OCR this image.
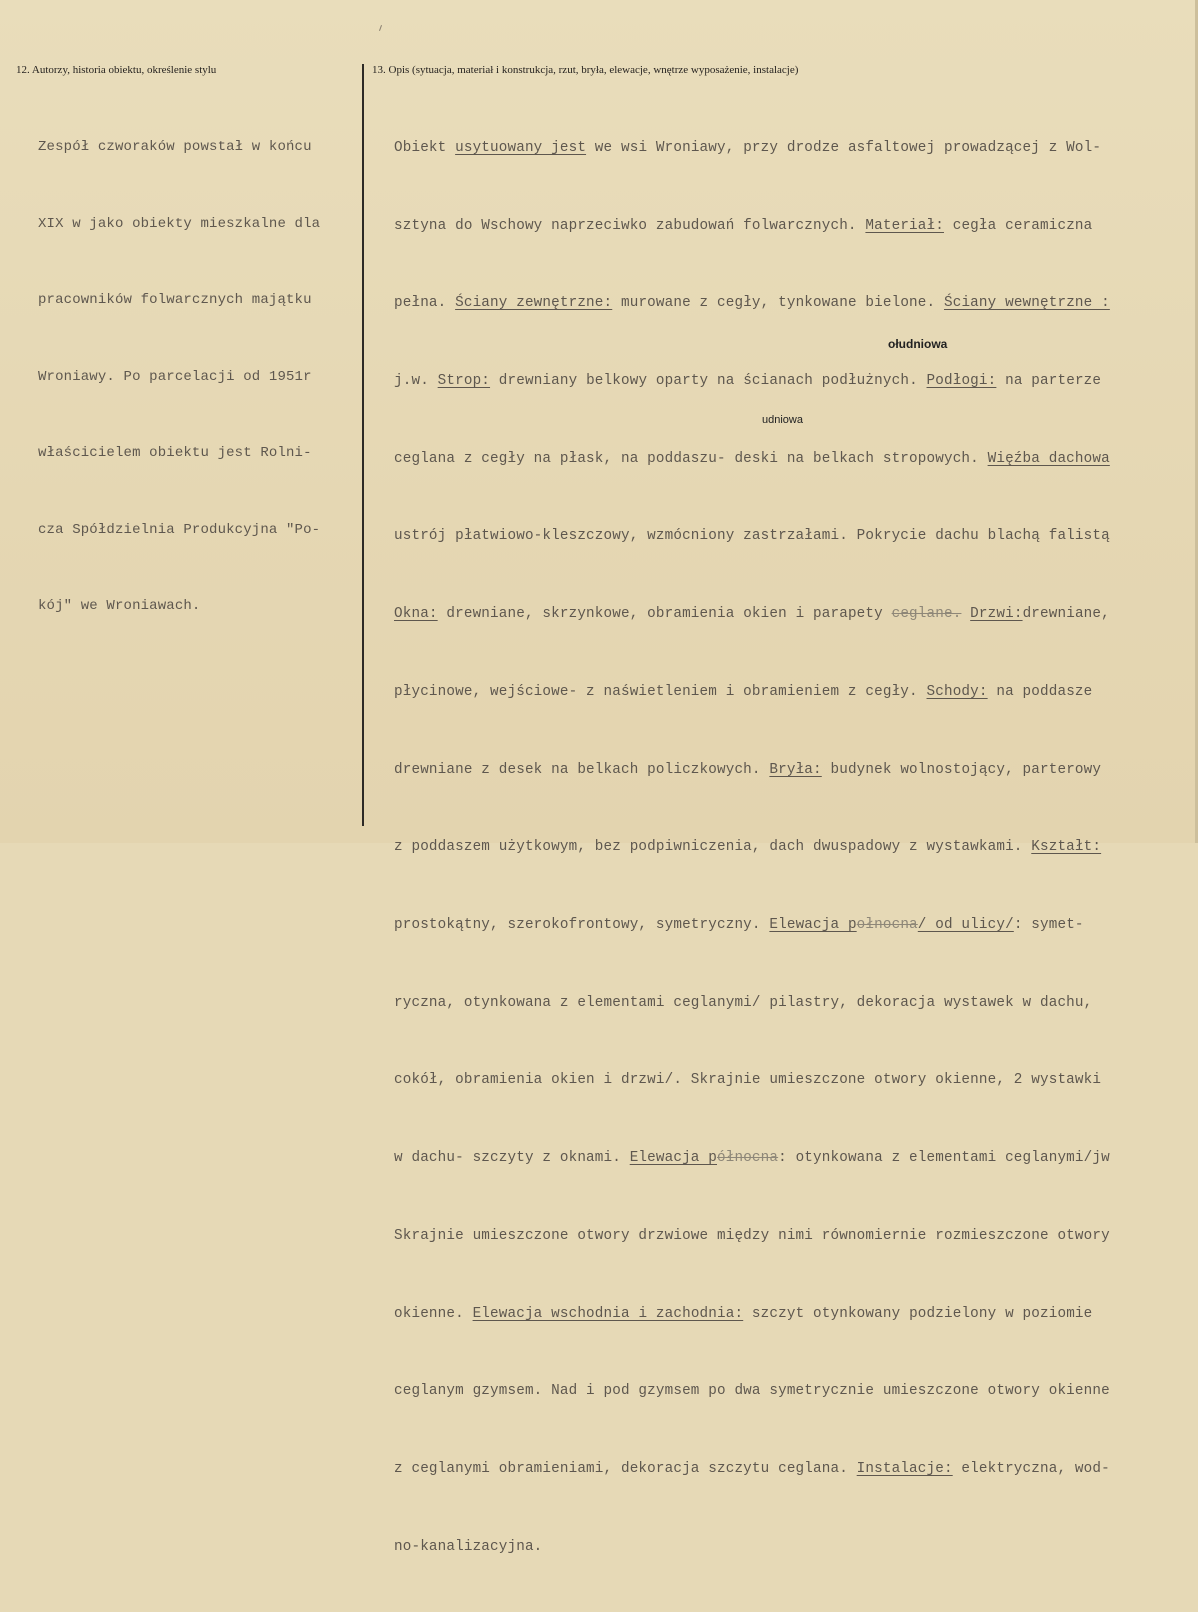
12. Autorzy, historia obiektu, określenie stylu	13. Opis (sytuacja, materiał i konstrukcja, rzut, bryła, elewacje, wnętrze wyposażenie, instalacje)

Zespół czworaków powstał w końcu

XIX w jako obiekty mieszkalne dla

pracowników folwarcznych majątku

Wroniawy. Po parcelacji od 1951r

właścicielem obiektu jest Rolni-

cza Spółdzielnia Produkcyjna "Po-

kój" we Wroniawach.

Obiekt usytuowany jest we wsi Wroniawy, przy drodze asfaltowej prowadzącej z Wol-

sztyna do Wschowy naprzeciwko zabudowań folwarcznych. Materiał: cegła ceramiczna

pełna. Ściany zewnętrzne: murowane z cegły, tynkowane bielone. Ściany wewnętrzne :

j.w. Strop: drewniany belkowy oparty na ścianach podłużnych. Podłogi: na parterze

ceglana z cegły na płask, na poddaszu- deski na belkach stropowych. Więźba dachowa

ustrój płatwiowo-kleszczowy, wzmócniony zastrzałami. Pokrycie dachu blachą falistą

Okna: drewniane, skrzynkowe, obramienia okien i parapety ceglane. Drzwi:drewniane,

płycinowe, wejściowe- z naświetleniem i obramieniem z cegły. Schody: na poddasze

drewniane z desek na belkach policzkowych. Bryła: budynek wolnostojący, parterowy

z poddaszem użytkowym, bez podpiwniczenia, dach dwuspadowy z wystawkami. Kształt:

prostokątny, szerokofrontowy, symetryczny. Elewacja połnocna/ od ulicy/: symet-

ryczna, otynkowana z elementami ceglanymi/ pilastry, dekoracja wystawek w dachu,

cokół, obramienia okien i drzwi/. Skrajnie umieszczone otwory okienne, 2 wystawki

w dachu- szczyty z oknami. Elewacja północna: otynkowana z elementami ceglanymi/jw

Skrajnie umieszczone otwory drzwiowe między nimi równomiernie rozmieszczone otwory

okienne. Elewacja wschodnia i zachodnia: szczyt otynkowany podzielony w poziomie

ceglanym gzymsem. Nad i pod gzymsem po dwa symetrycznie umieszczone otwory okienne

z ceglanymi obramieniami, dekoracja szczytu ceglana. Instalacje: elektryczna, wod-

no-kanalizacyjna.

ołudniowa
udniowa
